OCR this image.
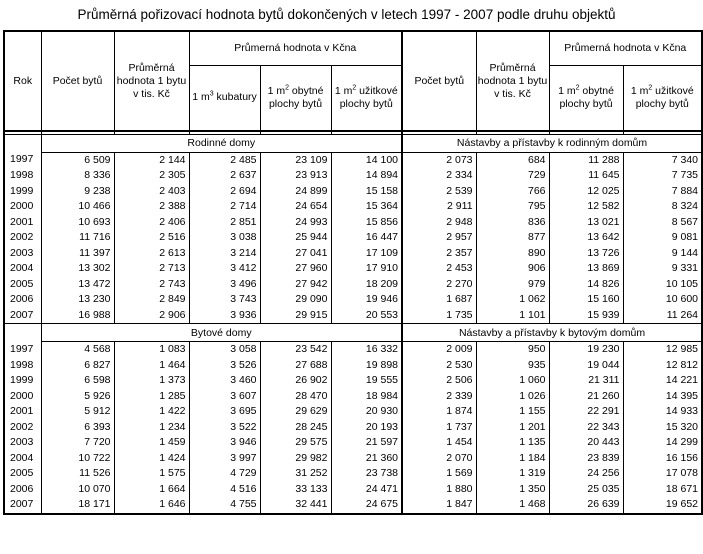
Průměrná pořizovací hodnota bytů dokončených v letech 1997 - 2007 podle druhu objektů
Rok	Počet bytů	Průměrná hodnota 1 bytu v tis. Kč	Průmerná hodnota v Kčna			Počet bytů	Průměrná hodnota 1 bytu v tis. Kč	Průmerná hodnota v Kčna	
			1 $m^3$ kubatury	1 $m^2$ obytné plochy bytů	1 $m^2$ užitkové plochy bytů			1 $m^2$ obytné plochy bytů	1 $m^2$ užitkové plochy bytů

	Rodinné domy					Nástavby a přístavby k rodinným domům			
1997	6 509	2 144	2 485	23 109	14 100	2 073	684	11 288	7 340
1998	8 336	2 305	2 637	23 913	14 894	2 334	729	11 645	7 735
1999	9 238	2 403	2 694	24 899	15 158	2 539	766	12 025	7 884
2000	10 466	2 388	2 714	24 654	15 364	2 911	795	12 582	8 324
2001	10 693	2 406	2 851	24 993	15 856	2 948	836	13 021	8 567
2002	11 716	2 516	3 038	25 944	16 447	2 957	877	13 642	9 081
2003	11 397	2 613	3 214	27 041	17 109	2 357	890	13 726	9 144
2004	13 302	2 713	3 412	27 960	17 910	2 453	906	13 869	9 331
2005	13 472	2 743	3 496	27 942	18 209	2 270	979	14 826	10 105
2006	13 230	2 849	3 743	29 090	19 946	1 687	1 062	15 160	10 600
2007	16 988	2 906	3 936	29 915	20 553	1 735	1 101	15 939	11 264
	Bytové domy					Nástavby a přístavby k bytovým domům			
1997	4 568	1 083	3 058	23 542	16 332	2 009	950	19 230	12 985
1998	6 827	1 464	3 526	27 688	19 898	2 530	935	19 044	12 812
1999	6 598	1 373	3 460	26 902	19 555	2 506	1 060	21 311	14 221
2000	5 926	1 285	3 607	28 470	18 984	2 339	1 026	21 260	14 395
2001	5 912	1 422	3 695	29 629	20 930	1 874	1 155	22 291	14 933
2002	6 393	1 234	3 522	28 245	20 193	1 737	1 201	22 343	15 320
2003	7 720	1 459	3 946	29 575	21 597	1 454	1 135	20 443	14 299
2004	10 722	1 424	3 997	29 982	21 360	2 070	1 184	23 839	16 156
2005	11 526	1 575	4 729	31 252	23 738	1 569	1 319	24 256	17 078
2006	10 070	1 664	4 516	33 133	24 471	1 880	1 350	25 035	18 671
2007	18 171	1 646	4 755	32 441	24 675	1 847	1 468	26 639	19 652
